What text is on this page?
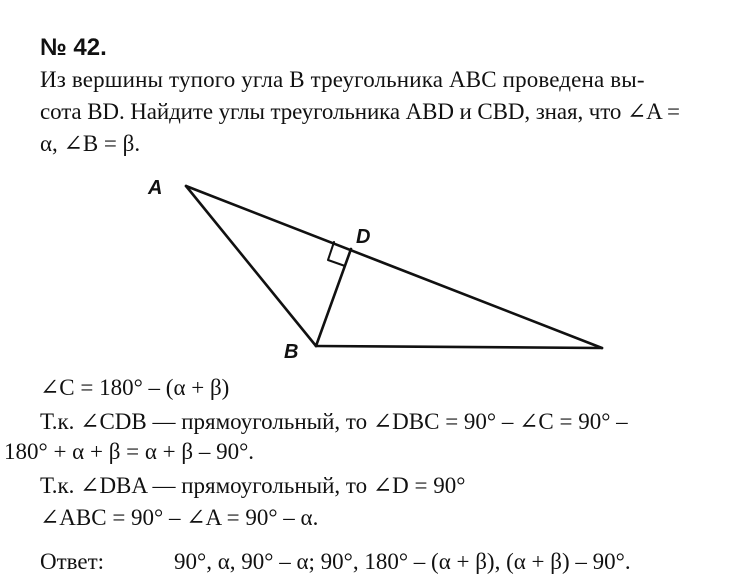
№ 42.
Из вершины тупого угла B треугольника ABC проведена вы-
сота BD. Найдите углы треугольника ABD и CBD, зная, что ∠A =
α, ∠B = β.
A
B
D
∠C = 180° – (α + β)
Т.к. ∠CDB — прямоугольный, то ∠DBC = 90° – ∠C = 90° –
180° + α + β = α + β – 90°.
Т.к. ∠DBA — прямоугольный, то ∠D = 90°
∠ABC = 90° – ∠A = 90° – α.
Ответ:	90°, α, 90° – α; 90°, 180° – (α + β), (α + β) – 90°.
